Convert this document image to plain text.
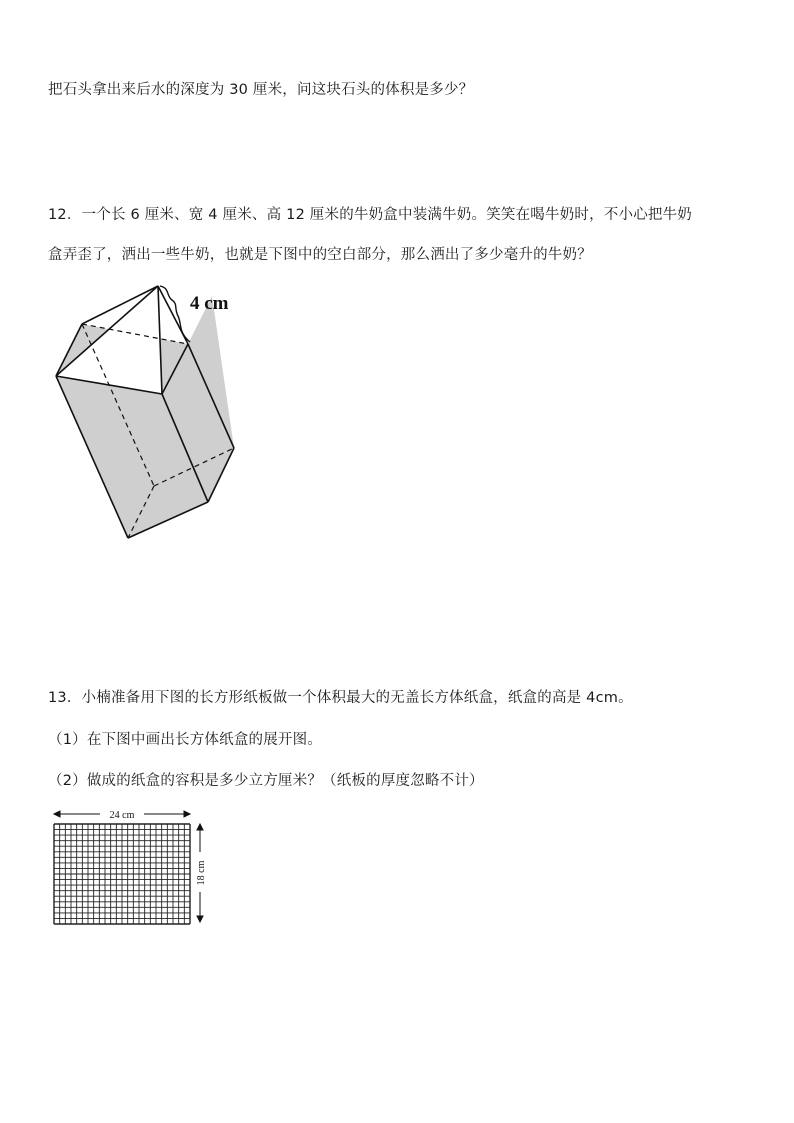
把石头拿出来后水的深度为 30 厘米，问这块石头的体积是多少？
12．一个长 6 厘米、宽 4 厘米、高 12 厘米的牛奶盒中装满牛奶。笑笑在喝牛奶时，不小心把牛奶
盒弄歪了，洒出一些牛奶，也就是下图中的空白部分，那么洒出了多少毫升的牛奶？
4 cm
13．小楠准备用下图的长方形纸板做一个体积最大的无盖长方体纸盒，纸盒的高是 4cm。
（1）在下图中画出长方体纸盒的展开图。
（2）做成的纸盒的容积是多少立方厘米？（纸板的厚度忽略不计）
24 cm
18 cm
